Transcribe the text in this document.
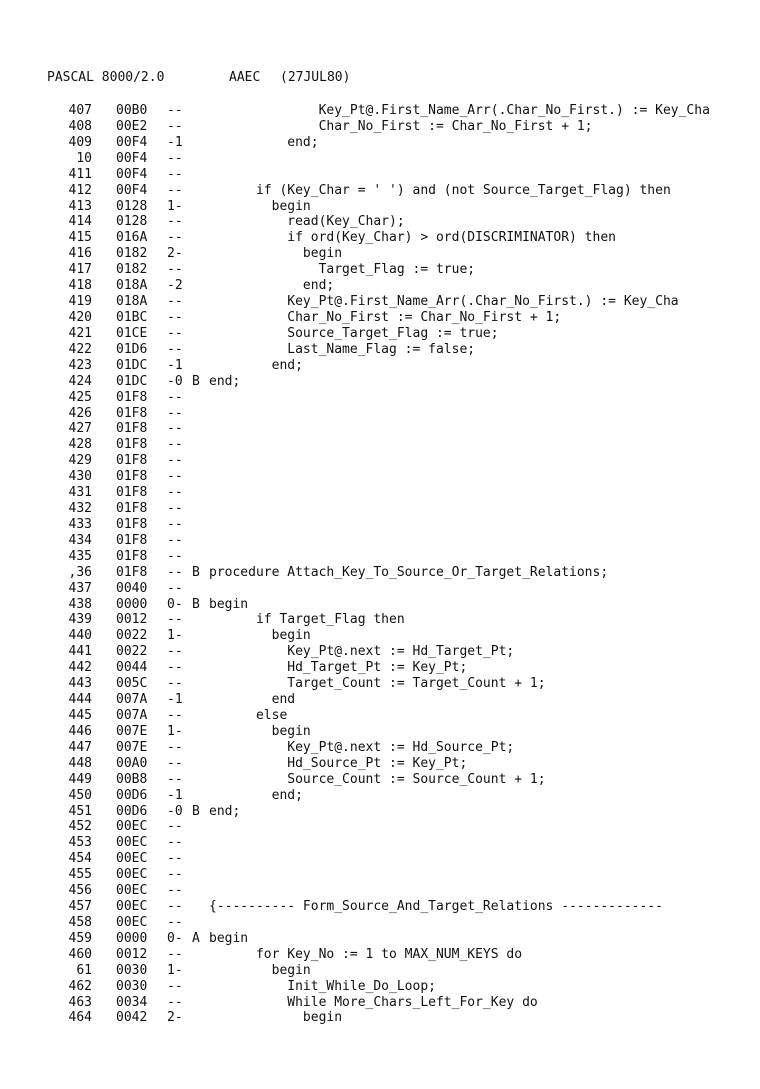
PASCAL 8000/2.0

	AAEC

(27JUL80)

407 00B0 -- Key_Pt@.First_Name_Arr(.Char_No_First.) := Key_Cha
408 00E2 -- Char_No_First := Char_No_First + 1;
409 00F4 -1 end;
10 00F4 --
411 00F4 --
412 00F4 -- if (Key_Char = ' ') and (not Source_Target_Flag) then
413 0128 1- begin
414 0128 -- read(Key_Char);
415 016A -- if ord(Key_Char) > ord(DISCRIMINATOR) then
416 0182 2- begin
417 0182 -- Target_Flag := true;
418 018A -2 end;
419 018A -- Key_Pt@.First_Name_Arr(.Char_No_First.) := Key_Cha
420 01BC -- Char_No_First := Char_No_First + 1;
421 01CE -- Source_Target_Flag := true;
422 01D6 -- Last_Name_Flag := false;
423 01DC -1 end;
424 01DC -0 B end;
425 01F8 --
426 01F8 --
427 01F8 --
428 01F8 --
429 01F8 --
430 01F8 --
431 01F8 --
432 01F8 --
433 01F8 --
434 01F8 --
435 01F8 --
,36 01F8 -- B procedure Attach_Key_To_Source_Or_Target_Relations;
437 0040 --
438 0000 0- B begin
439 0012 -- if Target_Flag then
440 0022 1- begin
441 0022 -- Key_Pt@.next := Hd_Target_Pt;
442 0044 -- Hd_Target_Pt := Key_Pt;
443 005C -- Target_Count := Target_Count + 1;
444 007A -1 end
445 007A -- else
446 007E 1- begin
447 007E -- Key_Pt@.next := Hd_Source_Pt;
448 00A0 -- Hd_Source_Pt := Key_Pt;
449 00B8 -- Source_Count := Source_Count + 1;
450 00D6 -1 end;
451 00D6 -0 B end;
452 00EC --
453 00EC --
454 00EC --
455 00EC --
456 00EC --
457 00EC -- {---------- Form_Source_And_Target_Relations -------------
458 00EC --
459 0000 0- A begin
460 0012 -- for Key_No := 1 to MAX_NUM_KEYS do
61 0030 1- begin
462 0030 -- Init_While_Do_Loop;
463 0034 -- While More_Chars_Left_For_Key do
464 0042 2- begin
